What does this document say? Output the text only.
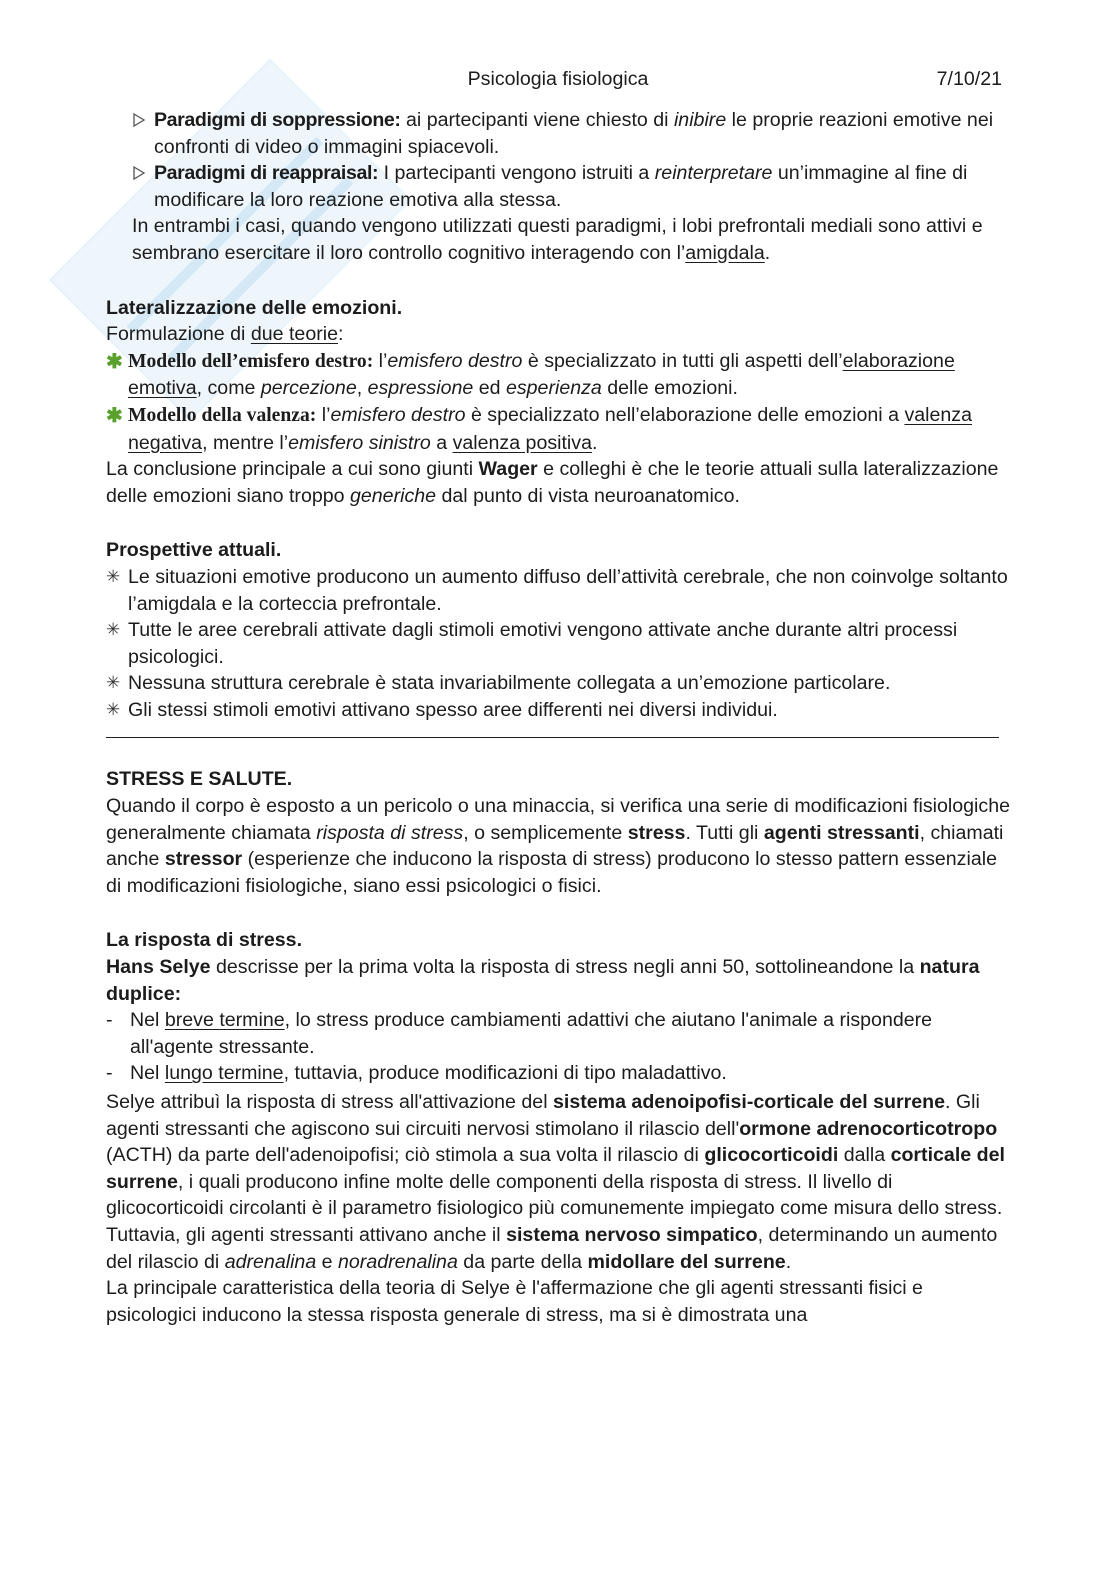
Psicologia fisiologica	7/10/21
Paradigmi di soppressione: ai partecipanti viene chiesto di inibire le proprie reazioni emotive nei confronti di video o immagini spiacevoli.
Paradigmi di reappraisal: I partecipanti vengono istruiti a reinterpretare un’immagine al fine di modificare la loro reazione emotiva alla stessa.
In entrambi i casi, quando vengono utilizzati questi paradigmi, i lobi prefrontali mediali sono attivi e sembrano esercitare il loro controllo cognitivo interagendo con l’amigdala.
Lateralizzazione delle emozioni.
Formulazione di due teorie:
✱ Modello dell’emisfero destro: l’emisfero destro è specializzato in tutti gli aspetti dell’elaborazione emotiva, come percezione, espressione ed esperienza delle emozioni.
✱ Modello della valenza: l’emisfero destro è specializzato nell’elaborazione delle emozioni a valenza negativa, mentre l’emisfero sinistro a valenza positiva.
La conclusione principale a cui sono giunti Wager e colleghi è che le teorie attuali sulla lateralizzazione delle emozioni siano troppo generiche dal punto di vista neuroanatomico.
Prospettive attuali.
✳ Le situazioni emotive producono un aumento diffuso dell’attività cerebrale, che non coinvolge soltanto l’amigdala e la corteccia prefrontale.
✳ Tutte le aree cerebrali attivate dagli stimoli emotivi vengono attivate anche durante altri processi psicologici.
✳ Nessuna struttura cerebrale è stata invariabilmente collegata a un’emozione particolare.
✳ Gli stessi stimoli emotivi attivano spesso aree differenti nei diversi individui.
STRESS E SALUTE.
Quando il corpo è esposto a un pericolo o una minaccia, si verifica una serie di modificazioni fisiologiche generalmente chiamata risposta di stress, o semplicemente stress. Tutti gli agenti stressanti, chiamati anche stressor (esperienze che inducono la risposta di stress) producono lo stesso pattern essenziale di modificazioni fisiologiche, siano essi psicologici o fisici.
La risposta di stress.
Hans Selye descrisse per la prima volta la risposta di stress negli anni 50, sottolineandone la natura duplice:
- Nel breve termine, lo stress produce cambiamenti adattivi che aiutano l'animale a rispondere all'agente stressante.
- Nel lungo termine, tuttavia, produce modificazioni di tipo maladattivo.
Selye attribuì la risposta di stress all'attivazione del sistema adenoipofisi-corticale del surrene. Gli agenti stressanti che agiscono sui circuiti nervosi stimolano il rilascio dell'ormone adrenocorticotropo (ACTH) da parte dell'adenoipofisi; ciò stimola a sua volta il rilascio di glicocorticoidi dalla corticale del surrene, i quali producono infine molte delle componenti della risposta di stress. Il livello di glicocorticoidi circolanti è il parametro fisiologico più comunemente impiegato come misura dello stress.
Tuttavia, gli agenti stressanti attivano anche il sistema nervoso simpatico, determinando un aumento del rilascio di adrenalina e noradrenalina da parte della midollare del surrene.
La principale caratteristica della teoria di Selye è l'affermazione che gli agenti stressanti fisici e psicologici inducono la stessa risposta generale di stress, ma si è dimostrata una
